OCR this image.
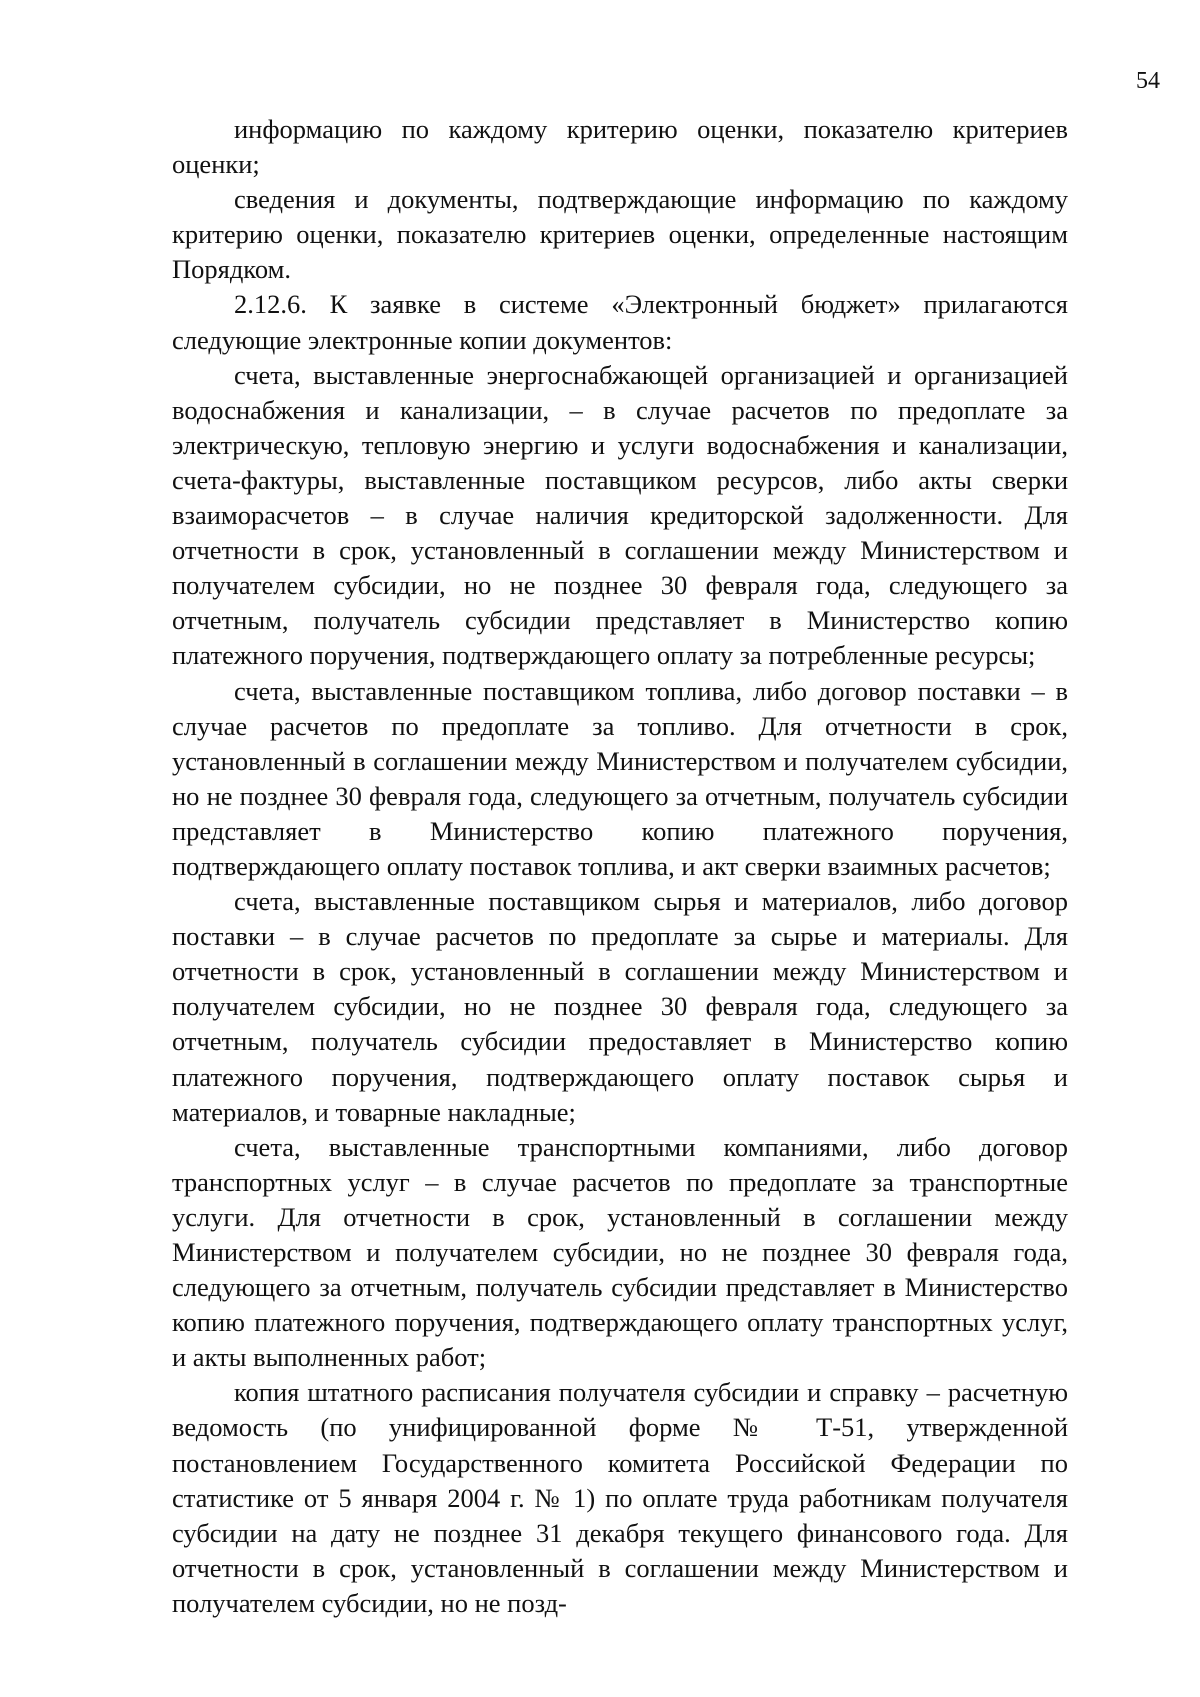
54

информацию по каждому критерию оценки, показателю критериев оценки;

сведения и документы, подтверждающие информацию по каждому критерию оценки, показателю критериев оценки, определенные настоящим Порядком.

2.12.6. К заявке в системе «Электронный бюджет» прилагаются следующие электронные копии документов:

счета, выставленные энергоснабжающей организацией и организацией водоснабжения и канализации, – в случае расчетов по предоплате за электрическую, тепловую энергию и услуги водоснабжения и канализации, счета-фактуры, выставленные поставщиком ресурсов, либо акты сверки взаиморасчетов – в случае наличия кредиторской задолженности. Для отчетности в срок, установленный в соглашении между Министерством и получателем субсидии, но не позднее 30 февраля года, следующего за отчетным, получатель субсидии представляет в Министерство копию платежного поручения, подтверждающего оплату за потребленные ресурсы;

счета, выставленные поставщиком топлива, либо договор поставки – в случае расчетов по предоплате за топливо. Для отчетности в срок, установленный в соглашении между Министерством и получателем субсидии, но не позднее 30 февраля года, следующего за отчетным, получатель субсидии представляет в Министерство копию платежного поручения, подтверждающего оплату поставок топлива, и акт сверки взаимных расчетов;

счета, выставленные поставщиком сырья и материалов, либо договор поставки – в случае расчетов по предоплате за сырье и материалы. Для отчетности в срок, установленный в соглашении между Министерством и получателем субсидии, но не позднее 30 февраля года, следующего за отчетным, получатель субсидии предоставляет в Министерство копию платежного поручения, подтверждающего оплату поставок сырья и материалов, и товарные накладные;

счета, выставленные транспортными компаниями, либо договор транспортных услуг – в случае расчетов по предоплате за транспортные услуги. Для отчетности в срок, установленный в соглашении между Министерством и получателем субсидии, но не позднее 30 февраля года, следующего за отчетным, получатель субсидии представляет в Министерство копию платежного поручения, подтверждающего оплату транспортных услуг, и акты выполненных работ;

копия штатного расписания получателя субсидии и справку – расчетную ведомость (по унифицированной форме № Т-51, утвержденной постановлением Государственного комитета Российской Федерации по статистике от 5 января 2004 г. № 1) по оплате труда работникам получателя субсидии на дату не позднее 31 декабря текущего финансового года. Для отчетности в срок, установленный в соглашении между Министерством и получателем субсидии, но не позд-
